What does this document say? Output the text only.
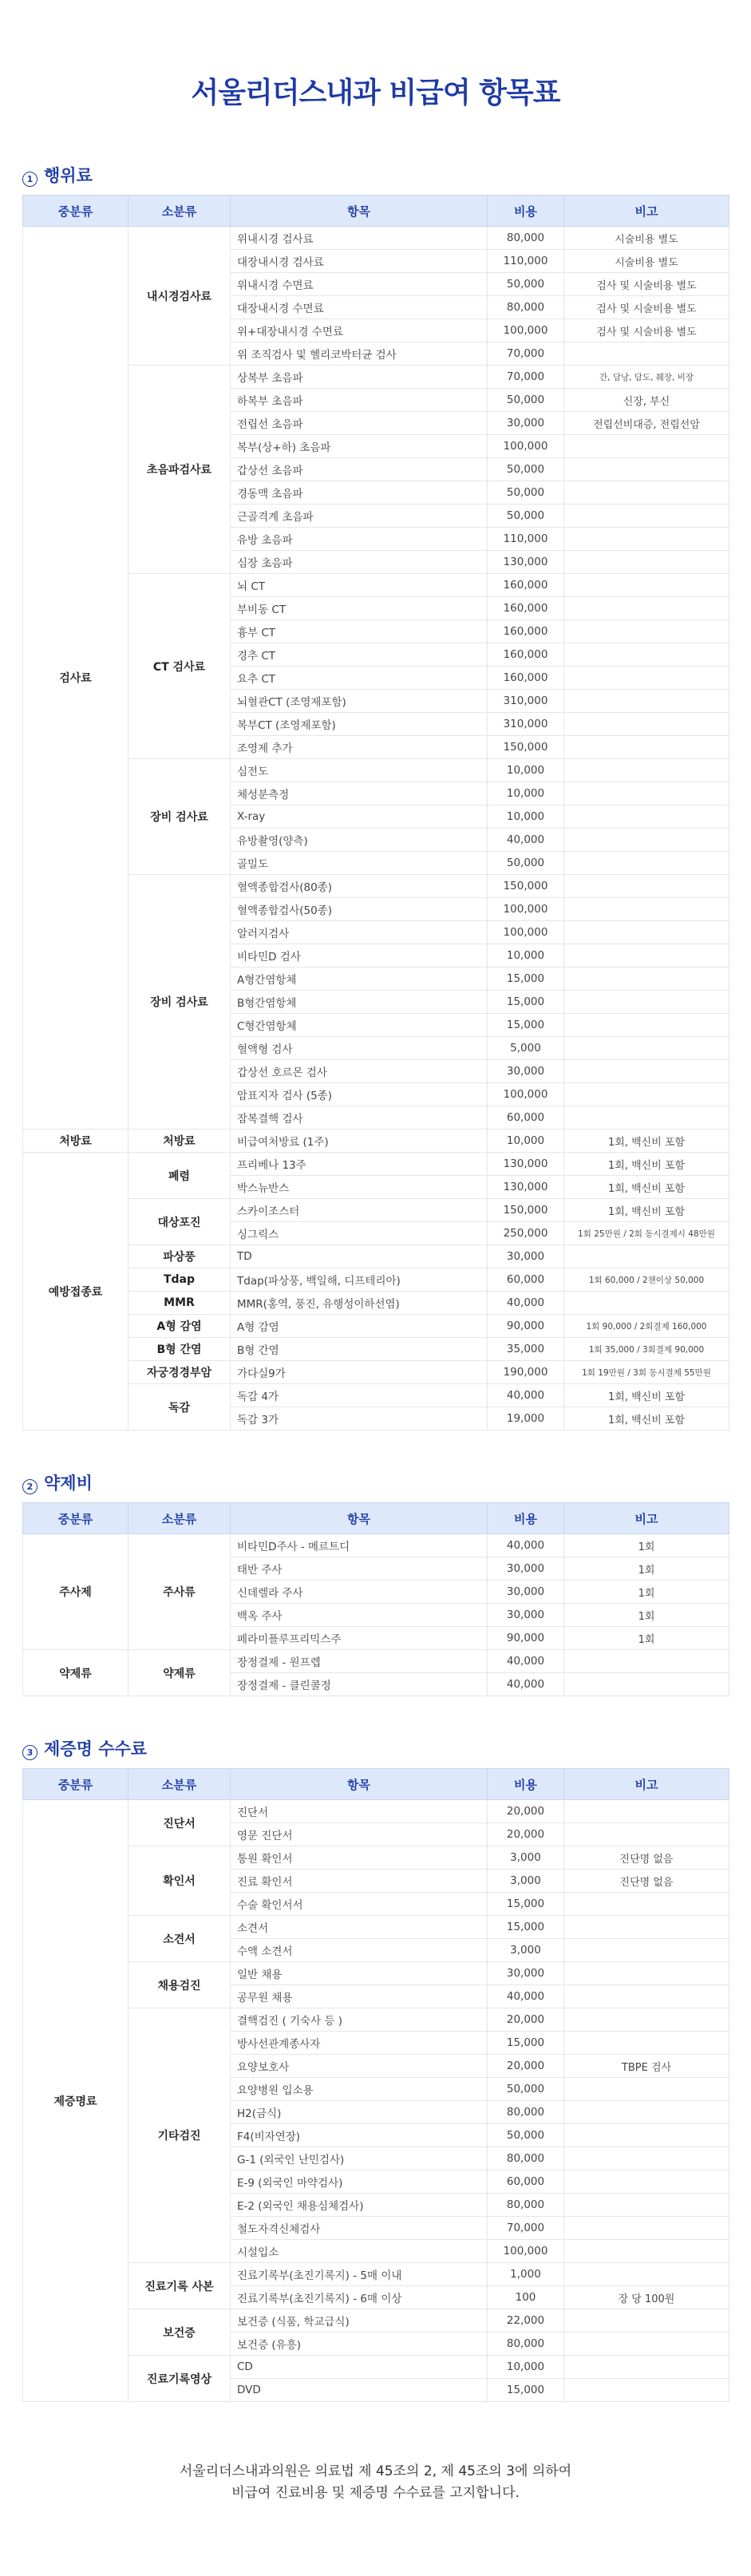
서울리더스내과 비급여 항목표
1 행위료
중분류	소분류	항목	비용	비고
검사료	내시경검사료	위내시경 검사료	80,000	시술비용 별도
		대장내시경 검사료	110,000	시술비용 별도
		위내시경 수면료	50,000	검사 및 시술비용 별도
		대장내시경 수면료	80,000	검사 및 시술비용 별도
		위+대장내시경 수면료	100,000	검사 및 시술비용 별도
		위 조직검사 및 헬리코박터균 검사	70,000	
	초음파검사료	상복부 초음파	70,000	간, 담낭, 담도, 췌장, 비장
		하복부 초음파	50,000	신장, 부신
		전립선 초음파	30,000	전립선비대증, 전립선암
		복부(상+하) 초음파	100,000	
		갑상선 초음파	50,000	
		경동맥 초음파	50,000	
		근골격계 초음파	50,000	
		유방 초음파	110,000	
		심장 초음파	130,000	
	CT 검사료	뇌 CT	160,000	
		부비동 CT	160,000	
		흉부 CT	160,000	
		경추 CT	160,000	
		요추 CT	160,000	
		뇌혈관CT (조영제포함)	310,000	
		복부CT (조영제포함)	310,000	
		조영제 추가	150,000	
	장비 검사료	심전도	10,000	
		체성분측정	10,000	
		X-ray	10,000	
		유방촬영(양측)	40,000	
		골밀도	50,000	
	장비 검사료	혈액종합검사(80종)	150,000	
		혈액종합검사(50종)	100,000	
		알러지검사	100,000	
		비타민D 검사	10,000	
		A형간염항체	15,000	
		B형간염항체	15,000	
		C형간염항체	15,000	
		혈액형 검사	5,000	
		갑상선 호르몬 검사	30,000	
		암표지자 검사 (5종)	100,000	
		잠복결핵 검사	60,000	
처방료	처방료	비급여처방료 (1주)	10,000	1회, 백신비 포함
예방접종료	폐렴	프리베나 13주	130,000	1회, 백신비 포함
		박스뉴반스	130,000	1회, 백신비 포함
	대상포진	스카이조스터	150,000	1회, 백신비 포함
		싱그릭스	250,000	1회 25만원 / 2회 동시결제시 48만원
	파상풍	TD	30,000	
	Tdap	Tdap(파상풍, 백일해, 디프테리아)	60,000	1회 60,000 / 2챈이상 50,000
	MMR	MMR(홍역, 풍진, 유행성이하선염)	40,000	
	A형 감염	A형 감염	90,000	1회 90,000 / 2회결제 160,000
	B형 간염	B형 간염	35,000	1회 35,000 / 3회결제 90,000
	자궁경경부암	가다실9가	190,000	1회 19만원 / 3회 동시결제 55만원
	독감	독감 4가	40,000	1회, 백신비 포함
		독감 3가	19,000	1회, 백신비 포함
2 약제비
중분류	소분류	항목	비용	비고
주사제	주사류	비타민D주사 - 메르트디	40,000	1회
		태반 주사	30,000	1회
		신데렐라 주사	30,000	1회
		백옥 주사	30,000	1회
		페라미플루프리믹스주	90,000	1회
약제류	약제류	장정결제 - 원프렙	40,000	
		장정결제 - 클린콜정	40,000	
3 제증명 수수료
중분류	소분류	항목	비용	비고
제증명료	진단서	진단서	20,000	
		영문 진단서	20,000	
	확인서	통원 확인서	3,000	진단명 없음
		진료 확인서	3,000	진단명 없음
		수술 확인서서	15,000	
	소견서	소견서	15,000	
		수액 소견서	3,000	
	채용검진	일반 채용	30,000	
		공무원 채용	40,000	
	기타검진	결핵검진 ( 기숙사 등 )	20,000	
		방사선관계종사자	15,000	
		요양보호사	20,000	TBPE 검사
		요양병원 입소용	50,000	
		H2(금식)	80,000	
		F4(비자연장)	50,000	
		G-1 (외국인 난민검사)	80,000	
		E-9 (외국인 마약검사)	60,000	
		E-2 (외국인 채용심체검사)	80,000	
		철도자격신체검사	70,000	
		시설입소	100,000	
	진료기록 사본	진료기록부(초진기록지) - 5매 이내	1,000	
		진료기록부(초진기록지) - 6매 이상	100	장 당 100원
	보건증	보건증 (식품, 학교급식)	22,000	
		보건증 (유흥)	80,000	
	진료기록영상	CD	10,000	
		DVD	15,000	
서울리더스내과의원은 의료법 제 45조의 2, 제 45조의 3에 의하여
비급여 진료비용 및 제증명 수수료를 고지합니다.
